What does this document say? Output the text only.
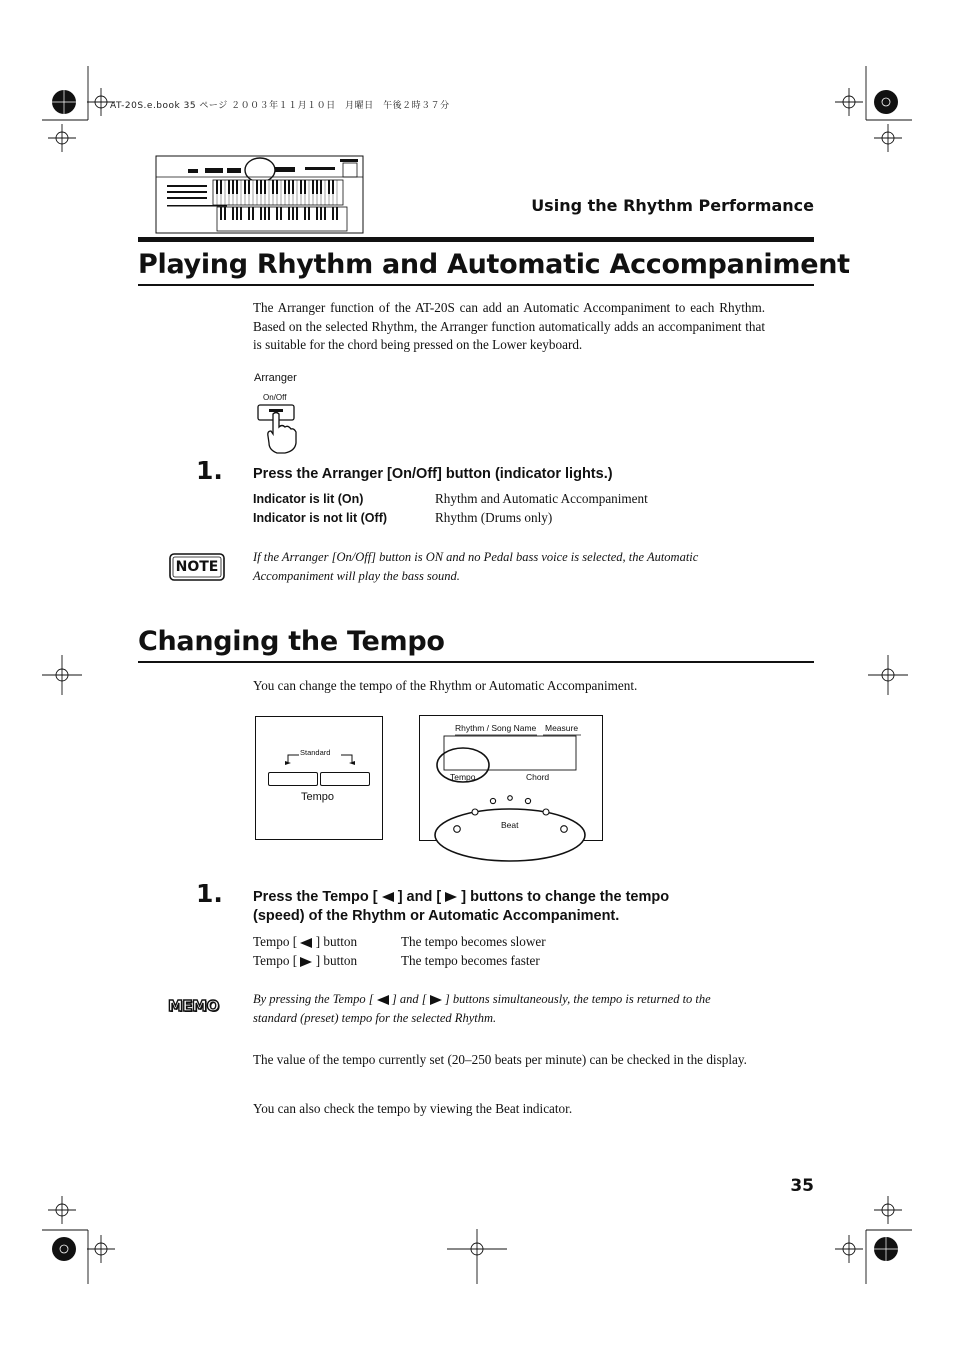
AT-20S.e.book 35 ページ ２００３年１１月１０日　月曜日　午後２時３７分
Using the Rhythm Performance
Playing Rhythm and Automatic Accompaniment
The Arranger function of the AT-20S can add an Automatic Accompaniment to each Rhythm. Based on the selected Rhythm, the Arranger function automatically adds an accompaniment that is suitable for the chord being pressed on the Lower keyboard.
Arranger
On/Off
1. Press the Arranger [On/Off] button (indicator lights.)
Indicator is lit (On)	Rhythm and Automatic Accompaniment
Indicator is not lit (Off)	Rhythm (Drums only)
NOTE
If the Arranger [On/Off] button is ON and no Pedal bass voice is selected, the Automatic Accompaniment will play the bass sound.
Changing the Tempo
You can change the tempo of the Rhythm or Automatic Accompaniment.
Standard
Tempo
Rhythm / Song Name Measure
Tempo	Chord
Beat
1. Press the Tempo [ ] and [ ] buttons to change the tempo
(speed) of the Rhythm or Automatic Accompaniment.
Tempo [ ] button	The tempo becomes slower
Tempo [ ] button	The tempo becomes faster
MEMO	By pressing the Tempo [ ] and [ ] buttons simultaneously, the tempo is returned to the
standard (preset) tempo for the selected Rhythm.
The value of the tempo currently set (20–250 beats per minute) can be checked in the display.
You can also check the tempo by viewing the Beat indicator.
35
